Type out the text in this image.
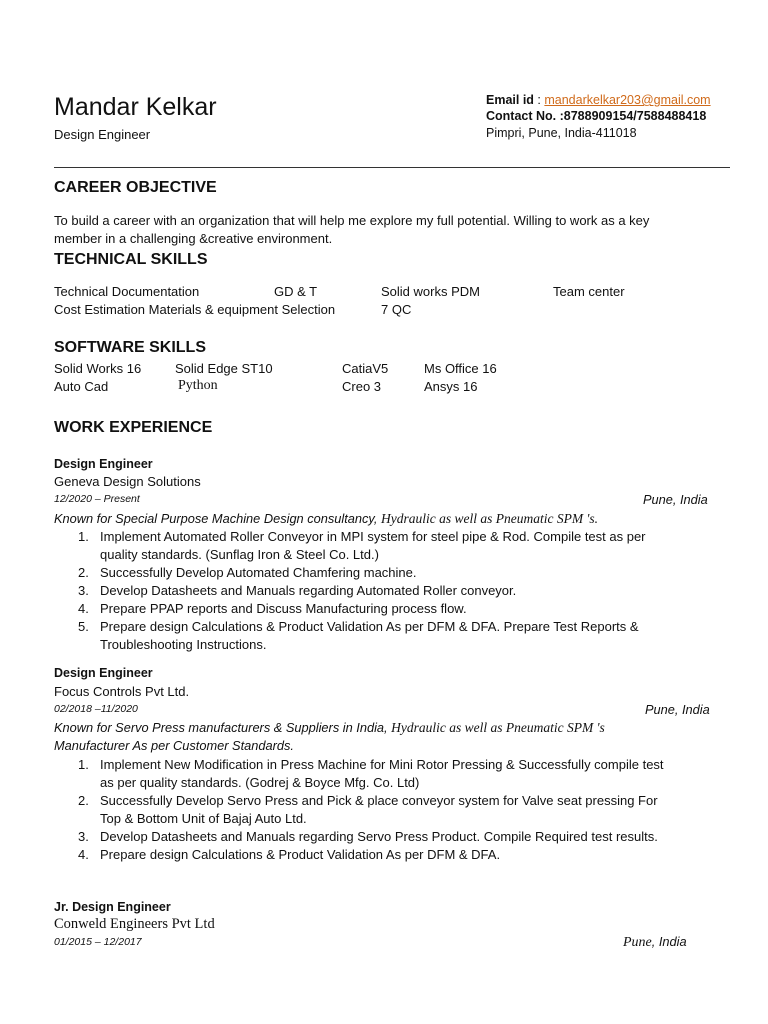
Mandar Kelkar
Design Engineer
Email id : mandarkelkar203@gmail.com
Contact No. :8788909154/7588488418
Pimpri, Pune, India-411018
CAREER OBJECTIVE
To build a career with an organization that will help me explore my full potential. Willing to work as a key
member in a challenging &creative environment.
TECHNICAL SKILLS
Technical Documentation	GD & T	Solid works PDM	Team center
Cost Estimation Materials & equipment Selection	7 QC
SOFTWARE SKILLS
Solid Works 16	Solid Edge ST10	CatiaV5	Ms Office 16
Auto Cad	Python	Creo 3	Ansys 16
WORK EXPERIENCE
Design Engineer
Geneva Design Solutions
12/2020 – Present	Pune, India
Known for Special Purpose Machine Design consultancy, Hydraulic as well as Pneumatic SPM 's.
1. Implement Automated Roller Conveyor in MPI system for steel pipe & Rod. Compile test as per
quality standards. (Sunflag Iron & Steel Co. Ltd.)
2. Successfully Develop Automated Chamfering machine.
3. Develop Datasheets and Manuals regarding Automated Roller conveyor.
4. Prepare PPAP reports and Discuss Manufacturing process flow.
5. Prepare design Calculations & Product Validation As per DFM & DFA. Prepare Test Reports &
Troubleshooting Instructions.
Design Engineer
Focus Controls Pvt Ltd.
02/2018 –11/2020	Pune, India
Known for Servo Press manufacturers & Suppliers in India, Hydraulic as well as Pneumatic SPM 's
Manufacturer As per Customer Standards.
1. Implement New Modification in Press Machine for Mini Rotor Pressing & Successfully compile test
as per quality standards. (Godrej & Boyce Mfg. Co. Ltd)
2. Successfully Develop Servo Press and Pick & place conveyor system for Valve seat pressing For
Top & Bottom Unit of Bajaj Auto Ltd.
3. Develop Datasheets and Manuals regarding Servo Press Product. Compile Required test results.
4. Prepare design Calculations & Product Validation As per DFM & DFA.
Jr. Design Engineer
Conweld Engineers Pvt Ltd
01/2015 – 12/2017	Pune, India
